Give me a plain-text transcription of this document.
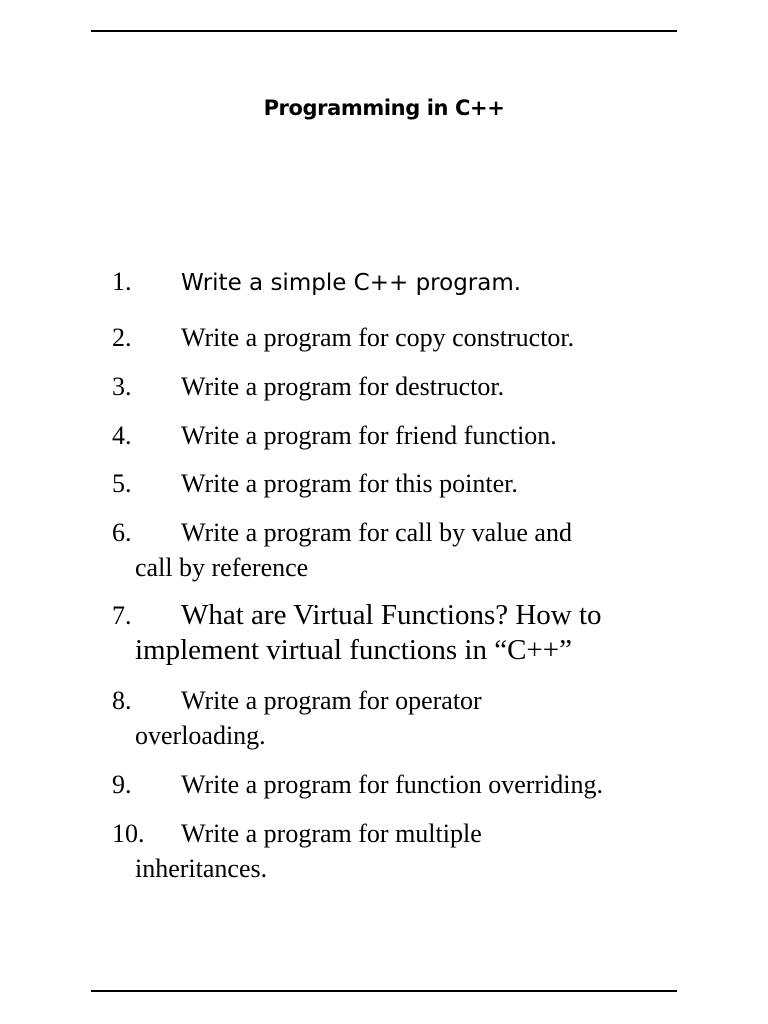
Programming in C++
1. Write a simple C++ program.
2. Write a program for copy constructor.
3. Write a program for destructor.
4. Write a program for friend function.
5. Write a program for this pointer.
6. Write a program for call by value and
call by reference
7. What are Virtual Functions? How to
implement virtual functions in “C++”
8. Write a program for operator
overloading.
9. Write a program for function overriding.
10. Write a program for multiple
inheritances.
